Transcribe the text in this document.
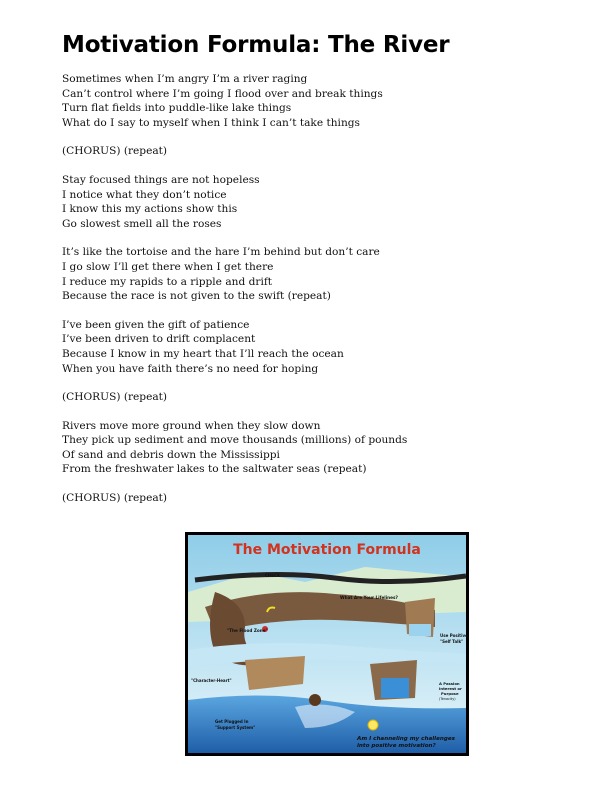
Motivation Formula: The River
Sometimes when I’m angry I’m a river raging
Can’t control where I’m going I flood over and break things
Turn flat fields into puddle-like lake things
What do I say to myself when I think I can’t take things
(CHORUS) (repeat)
Stay focused things are not hopeless
I notice what they don’t notice
I know this my actions show this
Go slowest smell all the roses
It’s like the tortoise and the hare I’m behind but don’t care
I go slow I’ll get there when I get there
I reduce my rapids to a ripple and drift
Because the race is not given to the swift (repeat)
I’ve been given the gift of patience
I’ve been driven to drift complacent
Because I know in my heart that I’ll reach the ocean
When you have faith there’s no need for hoping
(CHORUS) (repeat)
Rivers move more ground when they slow down
They pick up sediment and move thousands (millions) of pounds
Of sand and debris down the Mississippi
From the freshwater lakes to the saltwater seas (repeat)
(CHORUS) (repeat)
The Motivation Formula
CHECK
What Are Your Lifelines?
"The Flood Zone"
Use Positive
"Self Talk"
"Character-Heart"
A Passion
Interest or
Purpose
(Tenacity)
Get Plugged In
"Support System"
Am I channeling my challenges
into positive motivation?
